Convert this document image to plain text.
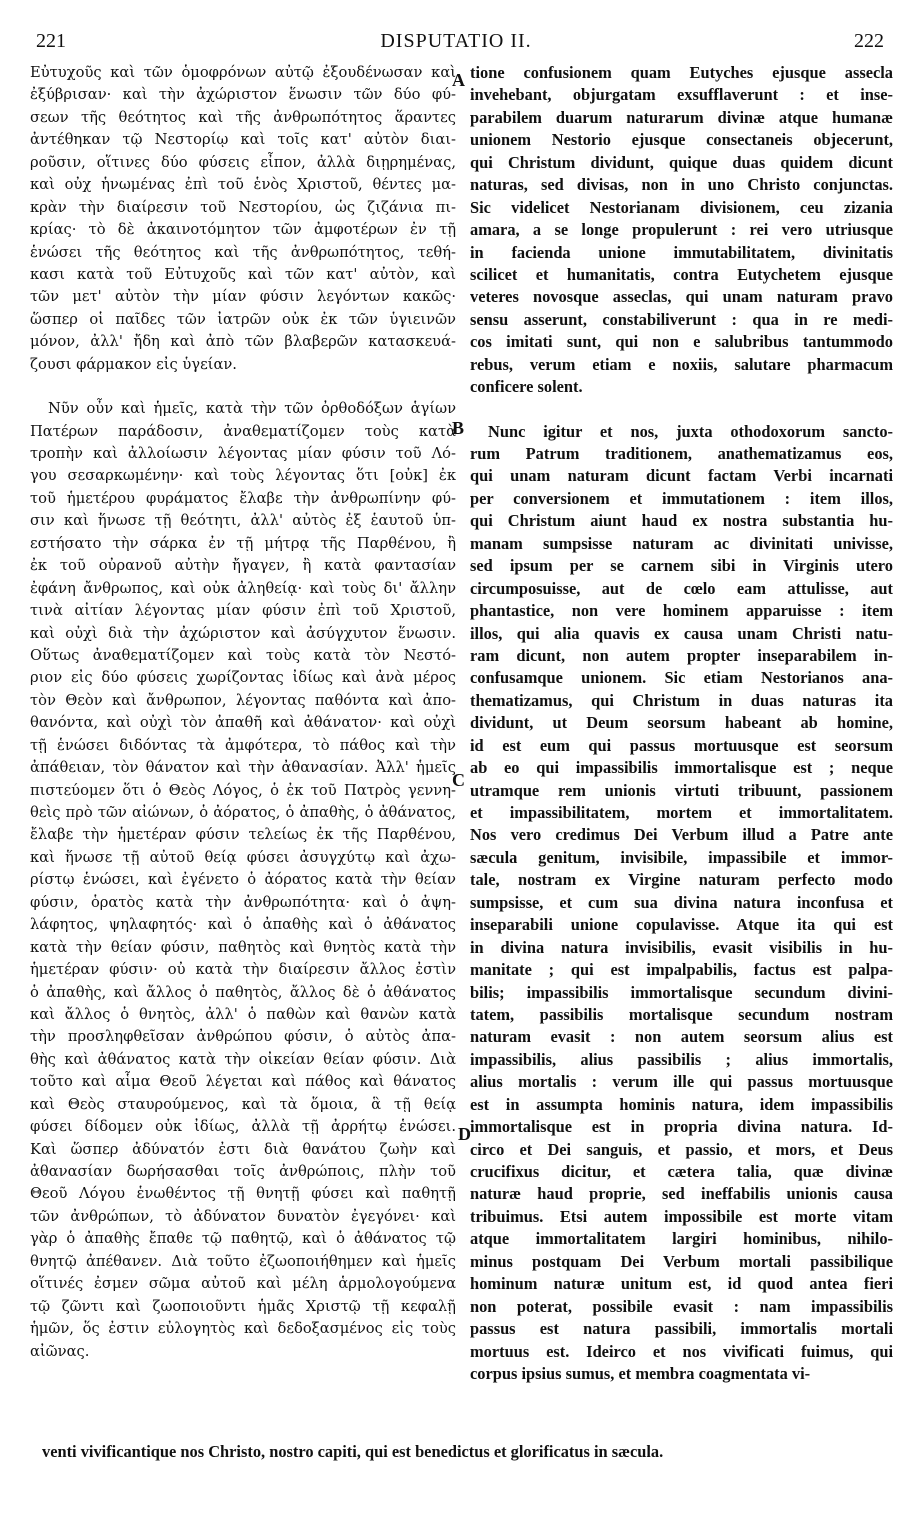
221	DISPUTATIO II.	222
A
B
C
D
Εὐτυχοῦς καὶ τῶν ὁμοφρόνων αὐτῷ ἐξουδένωσαν καὶ
ἐξύβρισαν· καὶ τὴν ἀχώριστον ἕνωσιν τῶν δύο φύ-
σεων τῆς θεότητος καὶ τῆς ἀνθρωπότητος ἅραντες
ἀντέθηκαν τῷ Νεστορίῳ καὶ τοῖς κατ' αὐτὸν διαι-
ροῦσιν, οἵτινες δύο φύσεις εἶπον, ἀλλὰ διῃρημένας,
καὶ οὐχ ἡνωμένας ἐπὶ τοῦ ἑνὸς Χριστοῦ, θέντες μα-
κρὰν τὴν διαίρεσιν τοῦ Νεστορίου, ὡς ζιζάνια πι-
κρίας· τὸ δὲ ἀκαινοτόμητον τῶν ἀμφοτέρων ἐν τῇ
ἑνώσει τῆς θεότητος καὶ τῆς ἀνθρωπότητος, τεθή-
κασι κατὰ τοῦ Εὐτυχοῦς καὶ τῶν κατ' αὐτὸν, καὶ
τῶν μετ' αὐτὸν τὴν μίαν φύσιν λεγόντων κακῶς·
ὥσπερ οἱ παῖδες τῶν ἰατρῶν οὐκ ἐκ τῶν ὑγιεινῶν
μόνον, ἀλλ' ἤδη καὶ ἀπὸ τῶν βλαβερῶν κατασκευά-
ζουσι φάρμακον εἰς ὑγείαν.
Νῦν οὖν καὶ ἡμεῖς, κατὰ τὴν τῶν ὀρθοδόξων ἁγίων
Πατέρων παράδοσιν, ἀναθεματίζομεν τοὺς κατὰ
τροπὴν καὶ ἀλλοίωσιν λέγοντας μίαν φύσιν τοῦ Λό-
γου σεσαρκωμένην· καὶ τοὺς λέγοντας ὅτι [οὐκ] ἐκ
τοῦ ἡμετέρου φυράματος ἔλαβε τὴν ἀνθρωπίνην φύ-
σιν καὶ ἥνωσε τῇ θεότητι, ἀλλ' αὐτὸς ἐξ ἑαυτοῦ ὑπ-
εστήσατο τὴν σάρκα ἐν τῇ μήτρᾳ τῆς Παρθένου, ἢ
ἐκ τοῦ οὐρανοῦ αὐτὴν ἤγαγεν, ἢ κατὰ φαντασίαν
ἐφάνη ἄνθρωπος, καὶ οὐκ ἀληθείᾳ· καὶ τοὺς δι' ἄλλην
τινὰ αἰτίαν λέγοντας μίαν φύσιν ἐπὶ τοῦ Χριστοῦ,
καὶ οὐχὶ διὰ τὴν ἀχώριστον καὶ ἀσύγχυτον ἕνωσιν.
Οὕτως ἀναθεματίζομεν καὶ τοὺς κατὰ τὸν Νεστό-
ριον εἰς δύο φύσεις χωρίζοντας ἰδίως καὶ ἀνὰ μέρος
τὸν Θεὸν καὶ ἄνθρωπον, λέγοντας παθόντα καὶ ἀπο-
θανόντα, καὶ οὐχὶ τὸν ἀπαθῆ καὶ ἀθάνατον· καὶ οὐχὶ
τῇ ἑνώσει διδόντας τὰ ἀμφότερα, τὸ πάθος καὶ τὴν
ἀπάθειαν, τὸν θάνατον καὶ τὴν ἀθανασίαν. Ἀλλ' ἡμεῖς
πιστεύομεν ὅτι ὁ Θεὸς Λόγος, ὁ ἐκ τοῦ Πατρὸς γεννη-
θεὶς πρὸ τῶν αἰώνων, ὁ ἀόρατος, ὁ ἀπαθὴς, ὁ ἀθάνατος,
ἔλαβε τὴν ἡμετέραν φύσιν τελείως ἐκ τῆς Παρθένου,
καὶ ἥνωσε τῇ αὐτοῦ θείᾳ φύσει ἀσυγχύτῳ καὶ ἀχω-
ρίστῳ ἑνώσει, καὶ ἐγένετο ὁ ἀόρατος κατὰ τὴν θείαν
φύσιν, ὁρατὸς κατὰ τὴν ἀνθρωπότητα· καὶ ὁ ἀψη-
λάφητος, ψηλαφητός· καὶ ὁ ἀπαθὴς καὶ ὁ ἀθάνατος
κατὰ τὴν θείαν φύσιν, παθητὸς καὶ θνητὸς κατὰ τὴν
ἡμετέραν φύσιν· οὐ κατὰ τὴν διαίρεσιν ἄλλος ἐστὶν
ὁ ἀπαθὴς, καὶ ἄλλος ὁ παθητὸς, ἄλλος δὲ ὁ ἀθάνατος
καὶ ἄλλος ὁ θνητὸς, ἀλλ' ὁ παθὼν καὶ θανὼν κατὰ
τὴν προσληφθεῖσαν ἀνθρώπου φύσιν, ὁ αὐτὸς ἀπα-
θὴς καὶ ἀθάνατος κατὰ τὴν οἰκείαν θείαν φύσιν. Διὰ
τοῦτο καὶ αἷμα Θεοῦ λέγεται καὶ πάθος καὶ θάνατος
καὶ Θεὸς σταυρούμενος, καὶ τὰ ὅμοια, ἃ τῇ θείᾳ
φύσει δίδομεν οὐκ ἰδίως, ἀλλὰ τῇ ἀρρήτῳ ἑνώσει.
Καὶ ὥσπερ ἀδύνατόν ἐστι διὰ θανάτου ζωὴν καὶ
ἀθανασίαν δωρήσασθαι τοῖς ἀνθρώποις, πλὴν τοῦ
Θεοῦ Λόγου ἑνωθέντος τῇ θνητῇ φύσει καὶ παθητῇ
τῶν ἀνθρώπων, τὸ ἀδύνατον δυνατὸν ἐγεγόνει· καὶ
γὰρ ὁ ἀπαθὴς ἔπαθε τῷ παθητῷ, καὶ ὁ ἀθάνατος τῷ
θνητῷ ἀπέθανεν. Διὰ τοῦτο ἐζωοποιήθημεν καὶ ἡμεῖς
οἵτινές ἐσμεν σῶμα αὐτοῦ καὶ μέλη ἁρμολογούμενα
τῷ ζῶντι καὶ ζωοποιοῦντι ἡμᾶς Χριστῷ τῇ κεφαλῇ
ἡμῶν, ὅς ἐστιν εὐλογητὸς καὶ δεδοξασμένος εἰς τοὺς
αἰῶνας.
tione confusionem quam Eutyches ejusque assecla
invehebant, objurgatam exsufflaverunt : et inse-
parabilem duarum naturarum divinæ atque humanæ
unionem Nestorio ejusque consectaneis objecerunt,
qui Christum dividunt, quique duas quidem dicunt
naturas, sed divisas, non in uno Christo conjunctas.
Sic videlicet Nestorianam divisionem, ceu zizania
amara, a se longe propulerunt : rei vero utriusque
in facienda unione immutabilitatem, divinitatis
scilicet et humanitatis, contra Eutychetem ejusque
veteres novosque asseclas, qui unam naturam pravo
sensu asserunt, constabiliverunt : qua in re medi-
cos imitati sunt, qui non e salubribus tantummodo
rebus, verum etiam e noxiis, salutare pharmacum
conficere solent.
Nunc igitur et nos, juxta othodoxorum sancto-
rum Patrum traditionem, anathematizamus eos,
qui unam naturam dicunt factam Verbi incarnati
per conversionem et immutationem : item illos,
qui Christum aiunt haud ex nostra substantia hu-
manam sumpsisse naturam ac divinitati univisse,
sed ipsum per se carnem sibi in Virginis utero
circumposuisse, aut de cœlo eam attulisse, aut
phantastice, non vere hominem apparuisse : item
illos, qui alia quavis ex causa unam Christi natu-
ram dicunt, non autem propter inseparabilem in-
confusamque unionem. Sic etiam Nestorianos ana-
thematizamus, qui Christum in duas naturas ita
dividunt, ut Deum seorsum habeant ab homine,
id est eum qui passus mortuusque est seorsum
ab eo qui impassibilis immortalisque est ; neque
utramque rem unionis virtuti tribuunt, passionem
et impassibilitatem, mortem et immortalitatem.
Nos vero credimus Dei Verbum illud a Patre ante
sæcula genitum, invisibile, impassibile et immor-
tale, nostram ex Virgine naturam perfecto modo
sumpsisse, et cum sua divina natura inconfusa et
inseparabili unione copulavisse. Atque ita qui est
in divina natura invisibilis, evasit visibilis in hu-
manitate ; qui est impalpabilis, factus est palpa-
bilis; impassibilis immortalisque secundum divini-
tatem, passibilis mortalisque secundum nostram
naturam evasit : non autem seorsum alius est
impassibilis, alius passibilis ; alius immortalis,
alius mortalis : verum ille qui passus mortuusque
est in assumpta hominis natura, idem impassibilis
immortalisque est in propria divina natura. Id-
circo et Dei sanguis, et passio, et mors, et Deus
crucifixus dicitur, et cætera talia, quæ divinæ
naturæ haud proprie, sed ineffabilis unionis causa
tribuimus. Etsi autem impossibile est morte vitam
atque immortalitatem largiri hominibus, nihilo-
minus postquam Dei Verbum mortali passibilique
hominum naturæ unitum est, id quod antea fieri
non poterat, possibile evasit : nam impassibilis
passus est natura passibili, immortalis mortali
mortuus est. Ideirco et nos vivificati fuimus, qui
corpus ipsius sumus, et membra coagmentata vi-
venti vivificantique nos Christo, nostro capiti, qui est benedictus et glorificatus in sæcula.
